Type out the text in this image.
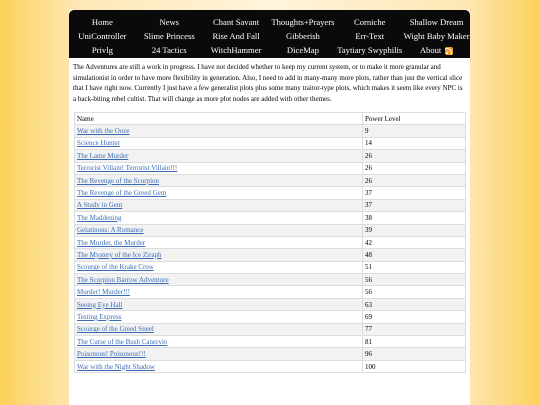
Home	News	Chant Savant	Thoughts+Prayers	Corniche	Shallow Dream
UniController	Slime Princess	Rise And Fall	Gibberish	Err-Text	Wight Baby Maker
Privlg	24 Tactics	WitchHammer	DiceMap	Taytiary Swyphilis About

The Adventures are still a work in progress. I have not decided whether to keep my current system, or to make it more granular and simulationist in order to have more flexibility in generation. Also, I need to add in many-many more plots, rather than just the vertical slice that I have right now. Currently I just have a few generalist plots plus some many traitor-type plots, which makes it seem like every NPC is a back-biting rebel cultist. That will change as more plot nodes are added with other themes.

Name	Power Level
War with the Ooze	9
Science Hunter	14
The Lame Murder	26
Terrorist Villain! Terrorist Villain!!!	26
The Revenge of the Scorpion	26
The Revenge of the Greed Gem	37
A Study in Gem	37
The Maddening	38
Gelatinous: A Romance	39
The Murder, the Murder	42
The Mystery of the Ice Ziraph	48
Scourge of the Krake Crow	51
The Scorpion Barrow Adventure	56
Murder! Murder!!!	56
Seeing Eye Hall	63
Testing Express	69
Scourge of the Greed Sneel	77
The Curse of the Bush Canervio	81
Poisonous! Poisonous!!!	96
War with the Night Shadow	100
